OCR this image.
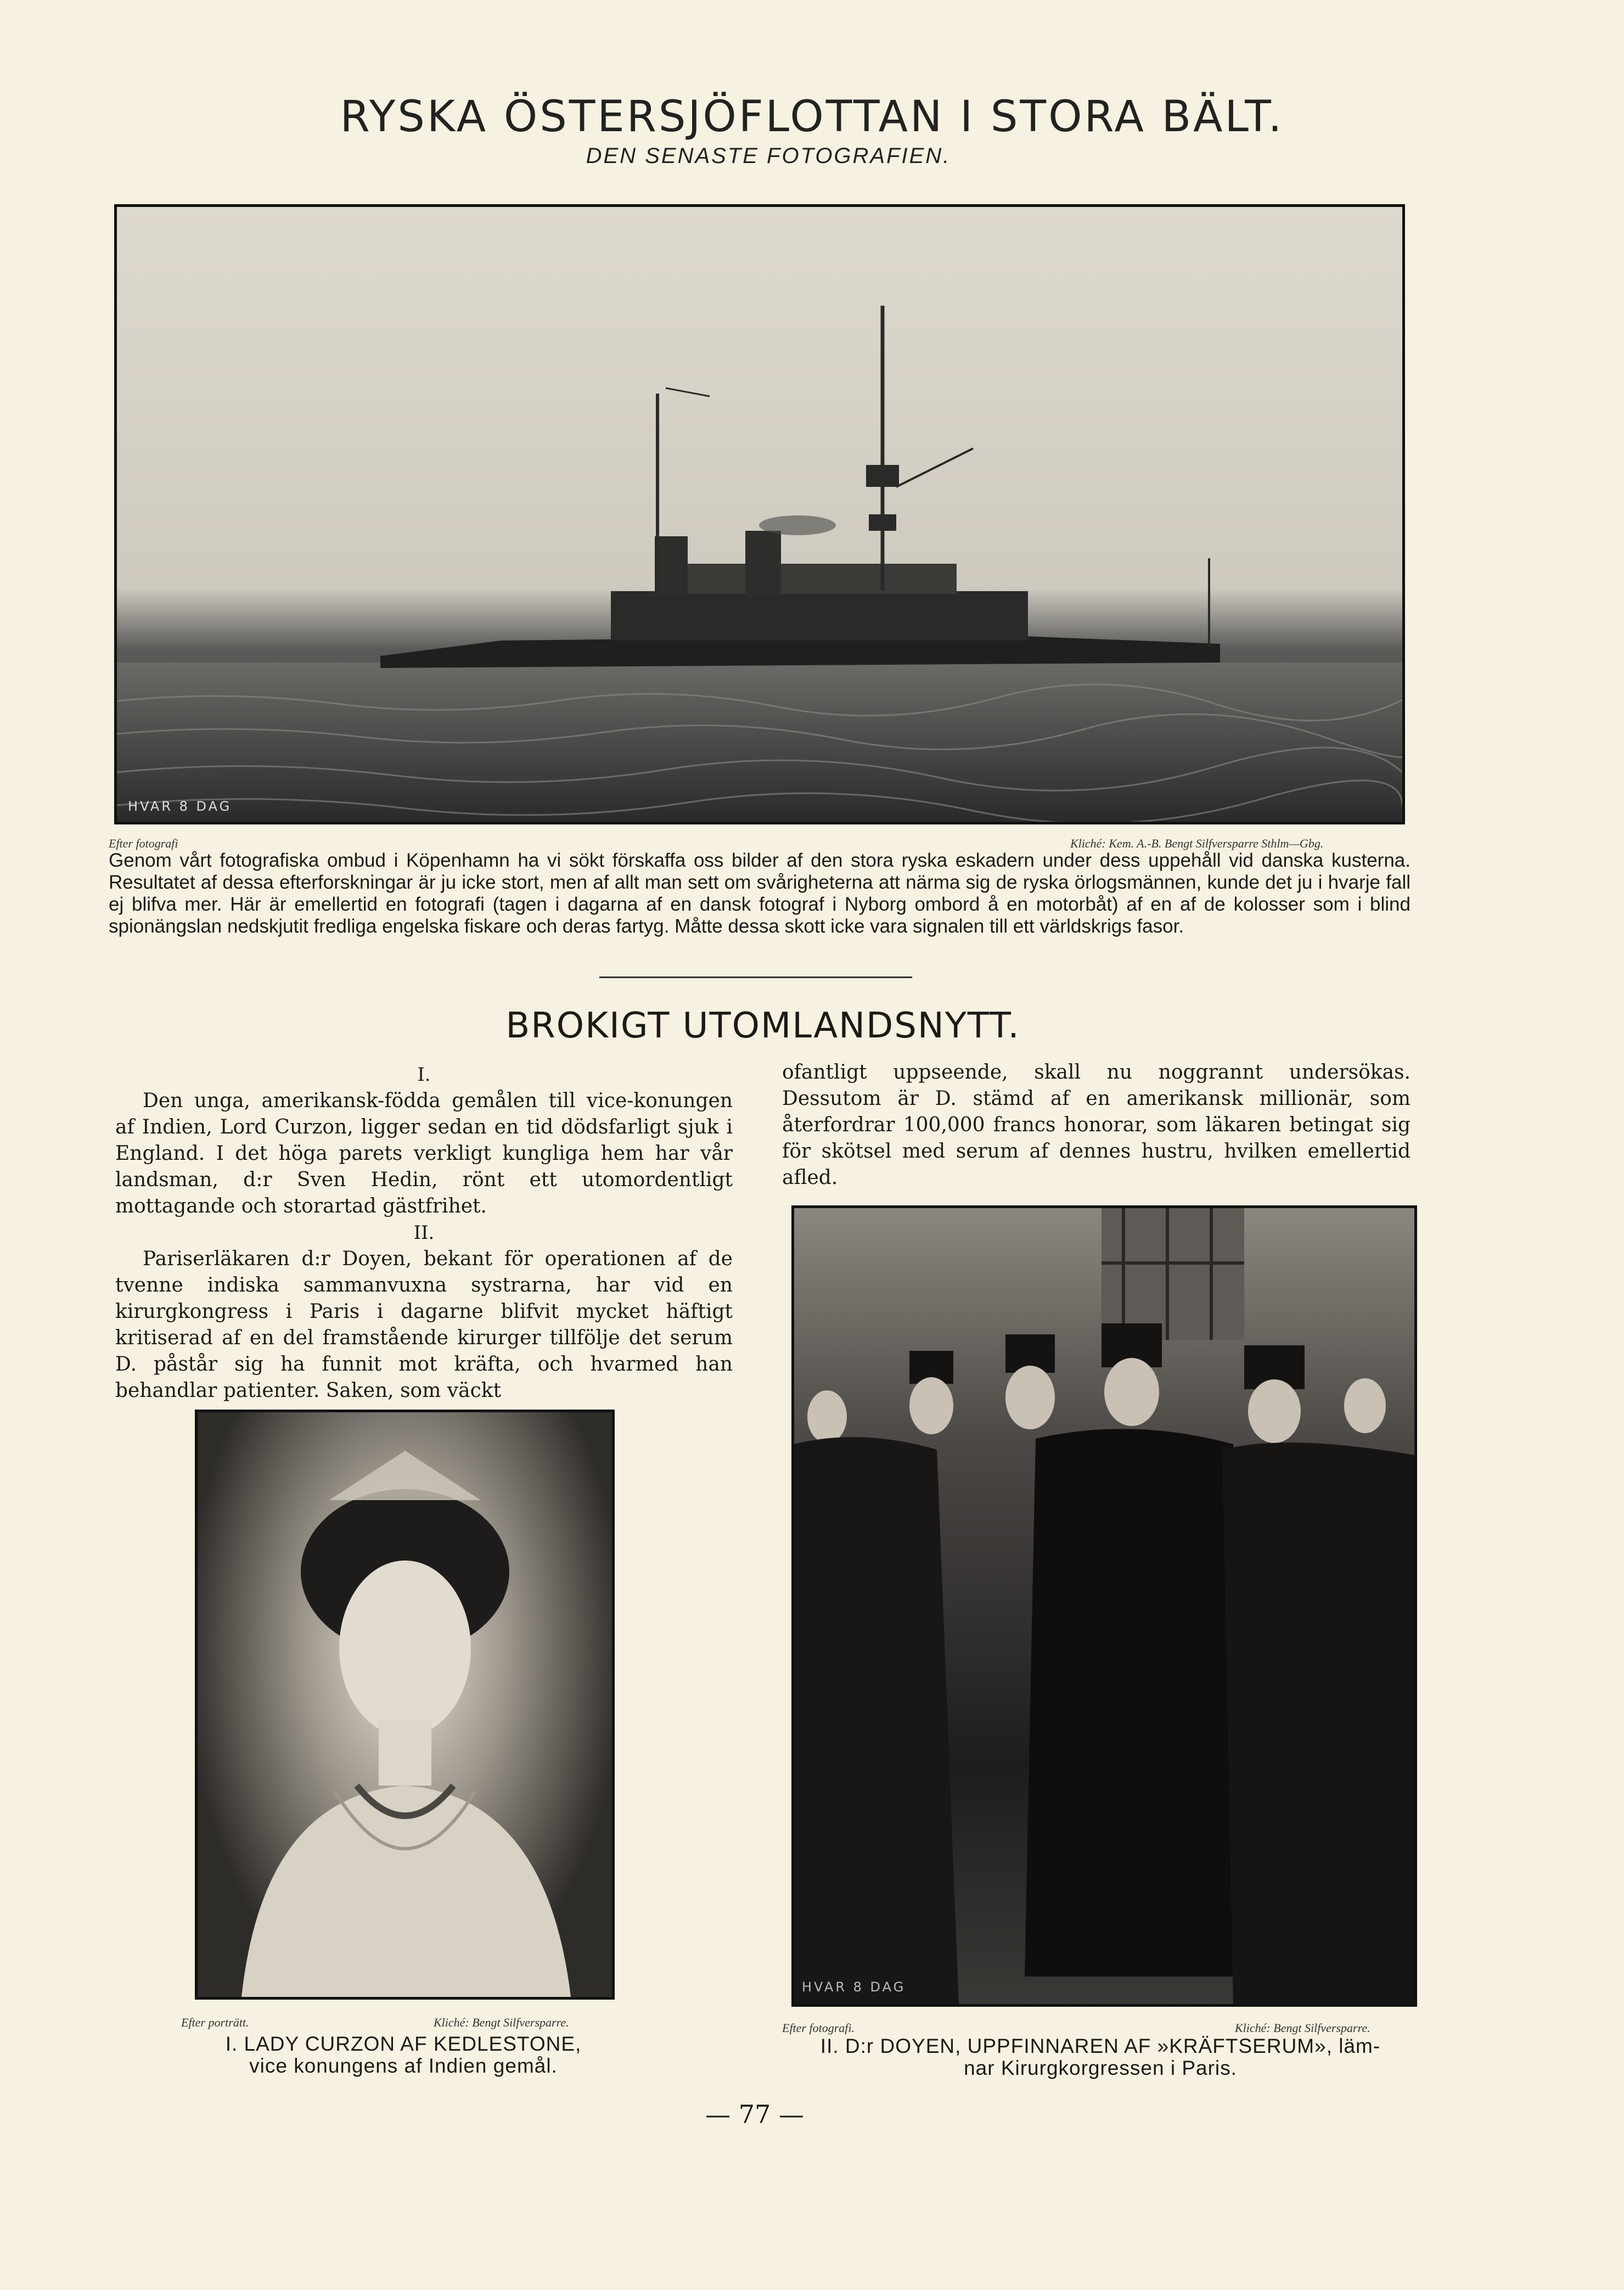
RYSKA ÖSTERSJÖFLOTTAN I STORA BÄLT.
DEN SENASTE FOTOGRAFIEN.
HVAR 8 DAG
Efter fotografi	Kliché: Kem. A.-B. Bengt Silfversparre Sthlm—Gbg.
Genom vårt fotografiska ombud i Köpenhamn ha vi sökt förskaffa oss bilder af den stora ryska eskadern under dess uppehåll vid danska kusterna. Resultatet af dessa efterforskningar är ju icke stort, men af allt man sett om svårigheterna att närma sig de ryska örlogsmännen, kunde det ju i hvarje fall ej blifva mer. Här är emellertid en fotografi (tagen i dagarna af en dansk fotograf i Nyborg ombord å en motorbåt) af en af de kolosser som i blind spionängslan nedskjutit fredliga engelska fiskare och deras fartyg. Måtte dessa skott icke vara signalen till ett världskrigs fasor.
BROKIGT UTOMLANDSNYTT.
I.
Den unga, amerikansk-födda gemålen till vice-konungen af Indien, Lord Curzon, ligger sedan en tid dödsfarligt sjuk i England. I det höga parets verkligt kungliga hem har vår landsman, d:r Sven Hedin, rönt ett utomordentligt mottagande och storartad gästfrihet.
II.
Pariserläkaren d:r Doyen, bekant för operationen af de tvenne indiska sammanvuxna systrarna, har vid en kirurgkongress i Paris i dagarne blifvit mycket häftigt kritiserad af en del framstående kirurger tillfölje det serum D. påstår sig ha funnit mot kräfta, och hvarmed han behandlar patienter. Saken, som väckt
ofantligt uppseende, skall nu noggrannt undersökas. Dessutom är D. stämd af en amerikansk millionär, som återfordrar 100,000 francs honorar, som läkaren betingat sig för skötsel med serum af dennes hustru, hvilken emellertid afled.
Efter porträtt.	Kliché: Bengt Silfversparre.
I. LADY CURZON AF KEDLESTONE,
vice konungens af Indien gemål.
HVAR 8 DAG
Efter fotografi.	Kliché: Bengt Silfversparre.
II. D:r DOYEN, UPPFINNAREN AF »KRÄFTSERUM», läm-
nar Kirurgkorgressen i Paris.
— 77 —
